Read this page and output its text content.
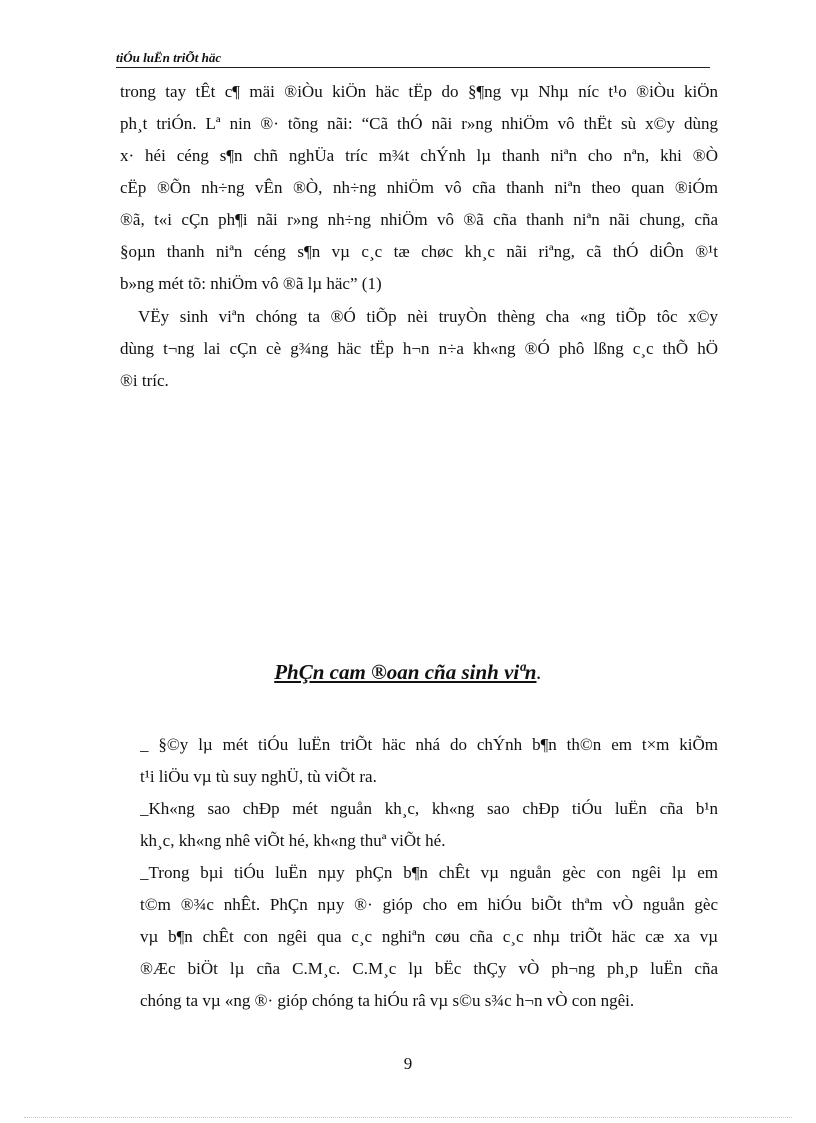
tiÓu luËn triÕt häc
trong tay tÊt c¶ mäi ®iÒu kiÖn häc tËp do §¶ng vµ Nhµ níc t¹o ®iÒu kiÖn
ph¸t triÓn. Lª nin ®· tõng nãi: “Cã thÓ nãi r»ng nhiÖm vô thËt sù x©y dùng
x· héi céng s¶n chñ nghÜa tríc m¾t chÝnh lµ thanh niªn cho nªn, khi ®Ò
cËp ®Õn nh÷ng vÊn ®Ò, nh÷ng nhiÖm vô cña thanh niªn theo quan ®iÓm
®ã, t«i cÇn ph¶i nãi r»ng nh÷ng nhiÖm vô ®ã cña thanh niªn nãi chung, cña
§oµn thanh niªn céng s¶n vµ c¸c tæ chøc kh¸c nãi riªng, cã thÓ diÔn ®¹t
b»ng mét tõ: nhiÖm vô ®ã lµ häc” (1)
VËy sinh viªn chóng ta ®Ó tiÕp nèi truyÒn thèng cha «ng tiÕp tôc x©y
dùng t¬ng lai cÇn cè g¾ng häc tËp h¬n n÷a kh«ng ®Ó phô lßng c¸c thÕ hÖ
®i tríc.
PhÇn cam ®oan cña sinh viªn.
_ §©y lµ mét tiÓu luËn triÕt häc nhá do chÝnh b¶n th©n em t×m kiÕm
t¹i liÖu vµ tù suy nghÜ, tù viÕt ra.
_Kh«ng sao chÐp mét nguån kh¸c, kh«ng sao chÐp tiÓu luËn cña b¹n
kh¸c, kh«ng nhê viÕt hé, kh«ng thuª viÕt hé.
_Trong bµi tiÓu luËn nµy phÇn b¶n chÊt vµ nguån gèc con ngêi lµ em
t©m ®¾c nhÊt. PhÇn nµy ®· gióp cho em hiÓu biÕt thªm vÒ nguån gèc
vµ b¶n chÊt con ngêi qua c¸c nghiªn cøu cña c¸c nhµ triÕt häc cæ xa vµ
®Æc biÖt lµ cña C.M¸c. C.M¸c lµ bËc thÇy vÒ ph¬ng ph¸p luËn cña
chóng ta vµ «ng ®· gióp chóng ta hiÓu râ vµ s©u s¾c h¬n vÒ con ngêi.
9
